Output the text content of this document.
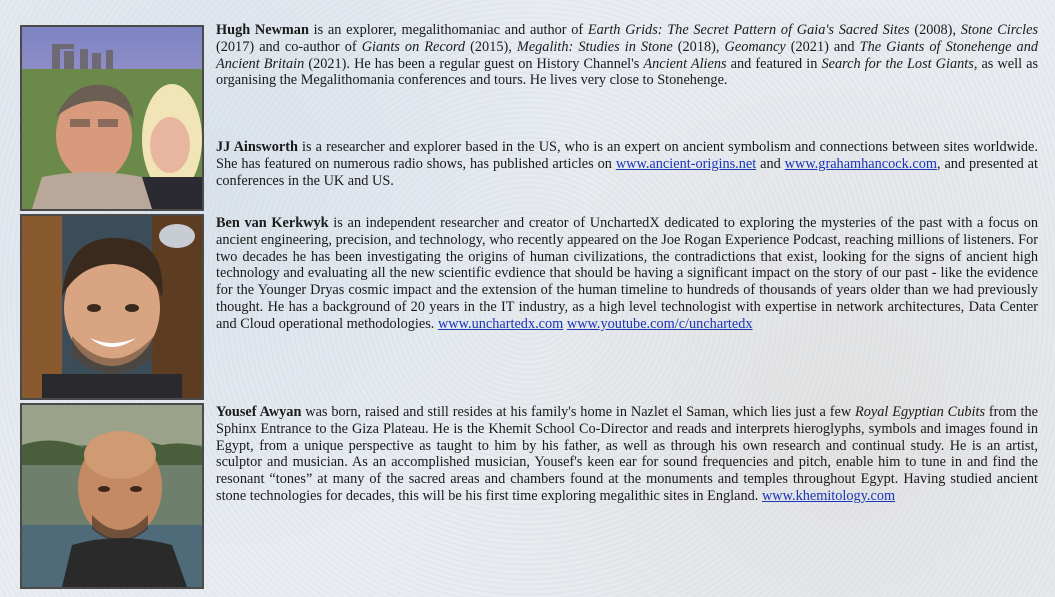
Hugh Newman is an explorer, megalithomaniac and author of Earth Grids: The Secret Pattern of Gaia's Sacred Sites (2008), Stone Circles (2017) and co-author of Giants on Record (2015), Megalith: Studies in Stone (2018), Geomancy (2021) and The Giants of Stonehenge and Ancient Britain (2021). He has been a regular guest on History Channel's Ancient Aliens and featured in Search for the Lost Giants, as well as organising the Megalithomania conferences and tours. He lives very close to Stonehenge.

JJ Ainsworth is a researcher and explorer based in the US, who is an expert on ancient symbolism and connections between sites worldwide. She has featured on numerous radio shows, has published articles on www.ancient-origins.net and www.grahamhancock.com, and presented at conferences in the UK and US.

Ben van Kerkwyk is an independent researcher and creator of UnchartedX dedicated to exploring the mysteries of the past with a focus on ancient engineering, precision, and technology, who recently appeared on the Joe Rogan Experience Podcast, reaching millions of listeners. For two decades he has been investigating the origins of human civilizations, the contradictions that exist, looking for the signs of ancient high technology and evaluating all the new scientific evdience that should be having a significant impact on the story of our past - like the evidence for the Younger Dryas cosmic impact and the extension of the human timeline to hundreds of thousands of years older than we had previously thought. He has a background of 20 years in the IT industry, as a high level technologist with expertise in network architectures, Data Center and Cloud operational methodologies. www.unchartedx.com www.youtube.com/c/unchartedx

Yousef Awyan was born, raised and still resides at his family's home in Nazlet el Saman, which lies just a few Royal Egyptian Cubits from the Sphinx Entrance to the Giza Plateau. He is the Khemit School Co-Director and reads and interprets hieroglyphs, symbols and images found in Egypt, from a unique perspective as taught to him by his father, as well as through his own research and continual study. He is an artist, sculptor and musician. As an accomplished musician, Yousef's keen ear for sound frequencies and pitch, enable him to tune in and find the resonant “tones” at many of the sacred areas and chambers found at the monuments and temples throughout Egypt. Having studied ancient stone technologies for decades, this will be his first time exploring megalithic sites in England. www.khemitology.com
